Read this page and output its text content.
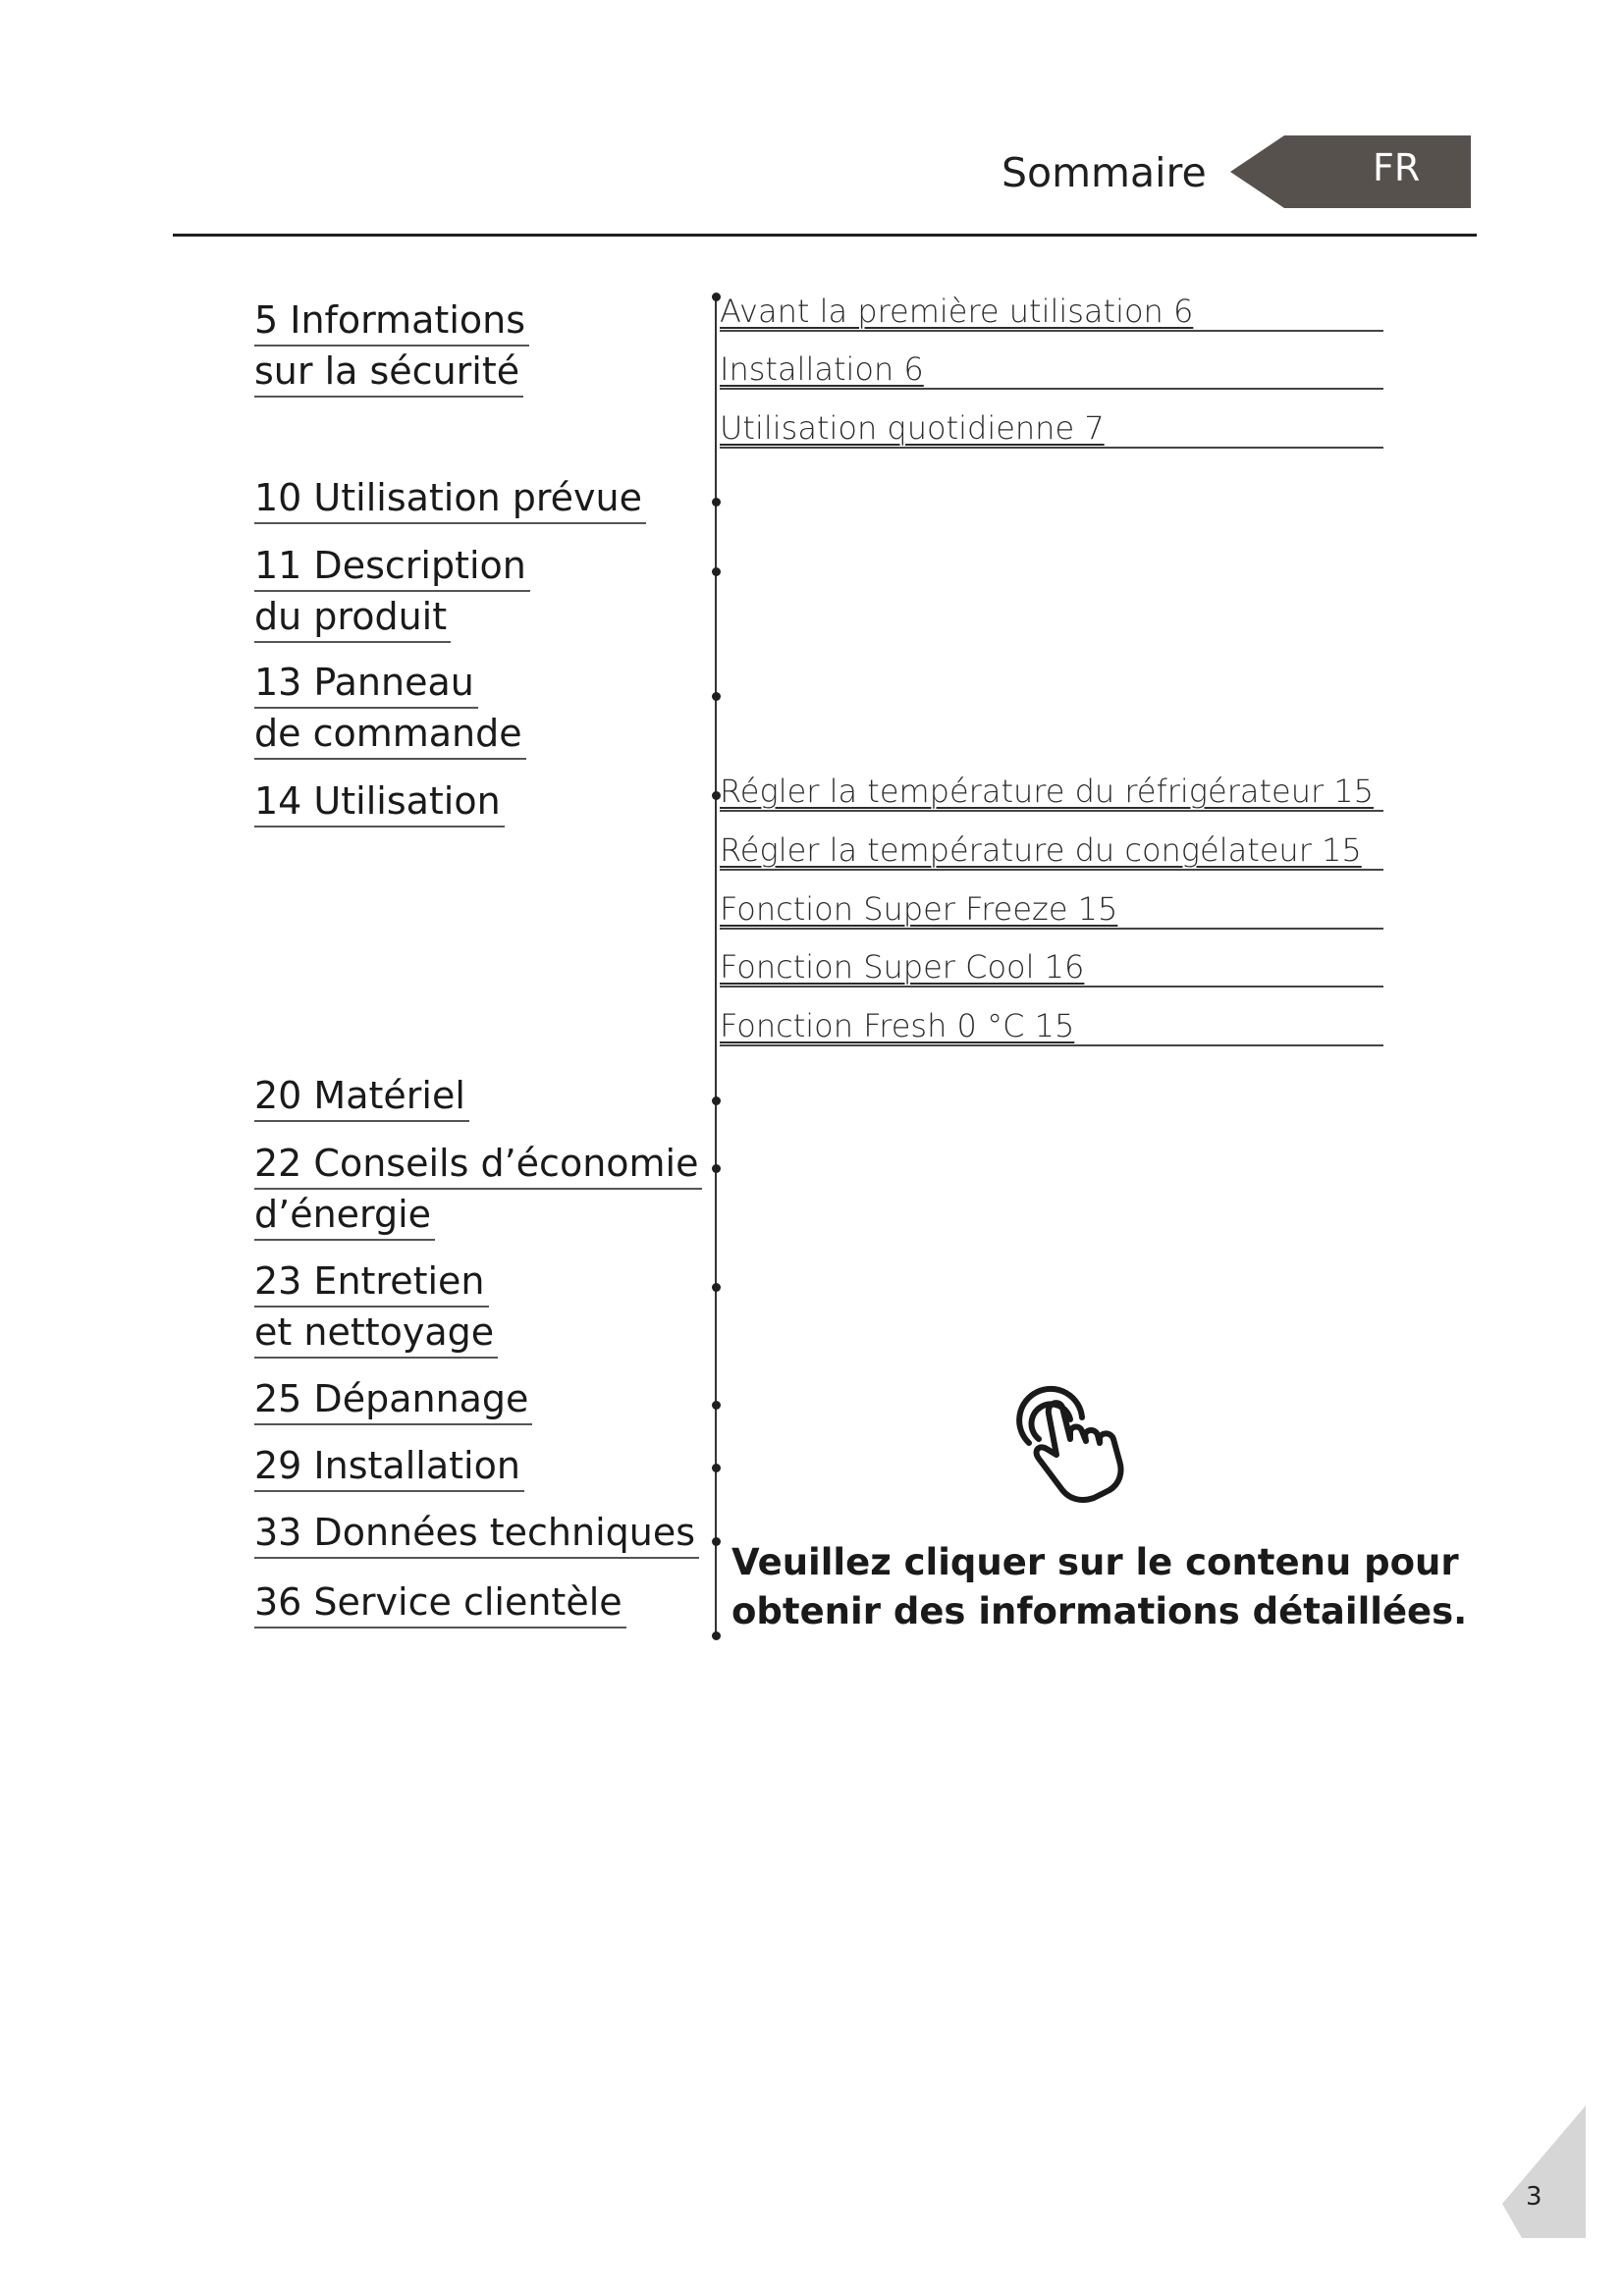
Sommaire	FR
5 Informations
sur la sécurité
10 Utilisation prévue
11 Description
du produit
13 Panneau
de commande
14 Utilisation
20 Matériel
22 Conseils d’économie
d’énergie
23 Entretien
et nettoyage
25 Dépannage
29 Installation
33 Données techniques
36 Service clientèle
Avant la première utilisation 6
Installation 6
Utilisation quotidienne 7
Régler la température du réfrigérateur 15
Régler la température du congélateur 15
Fonction Super Freeze 15
Fonction Super Cool 16
Fonction Fresh 0 °C 15
Veuillez cliquer sur le contenu pour
obtenir des informations détaillées.
3
